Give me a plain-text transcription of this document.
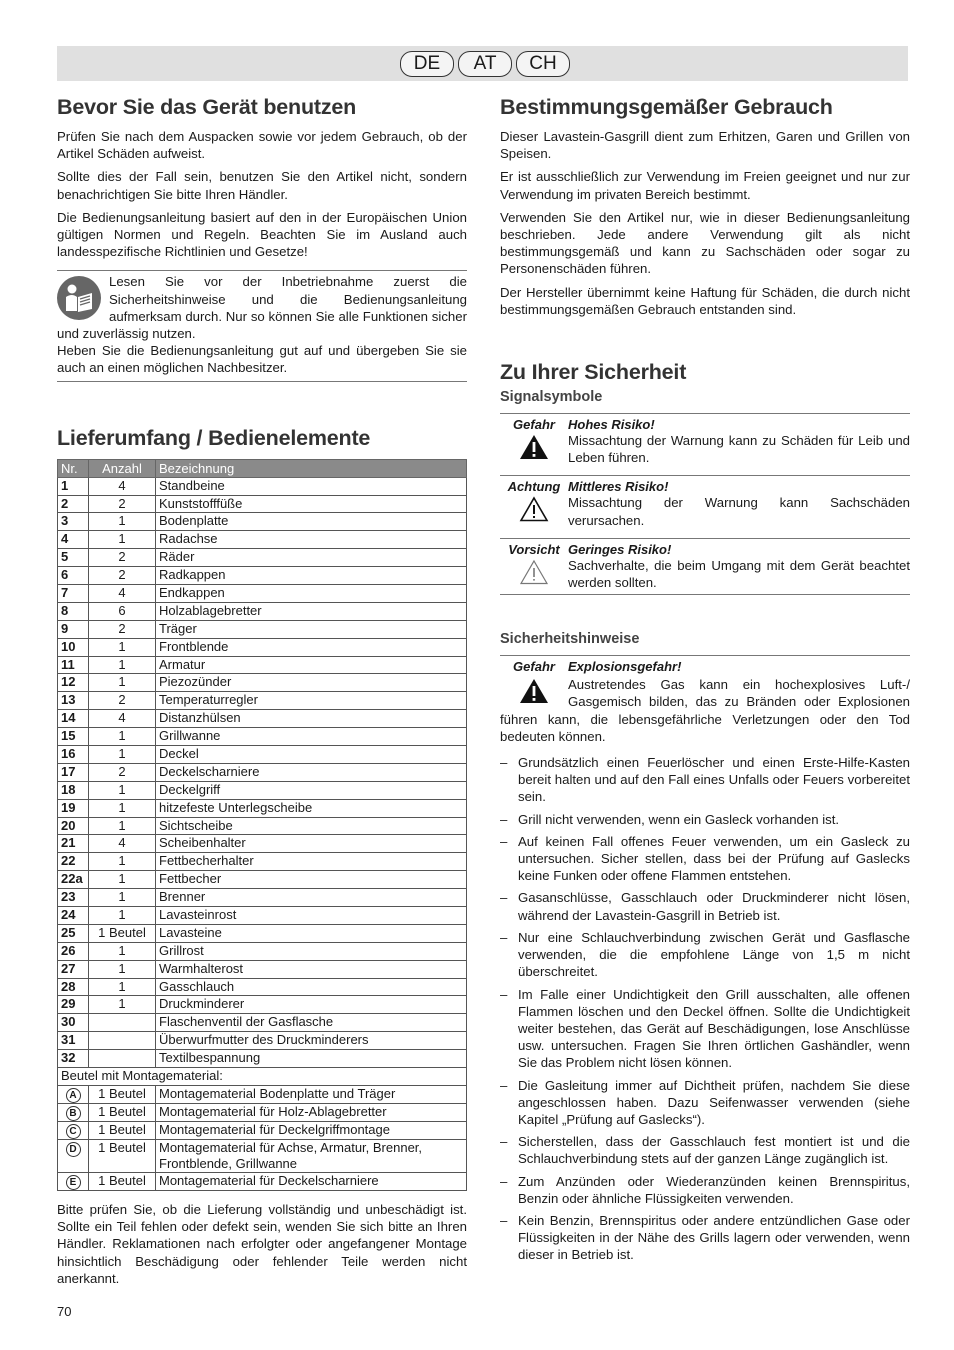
DE	AT	CH
Bevor Sie das Gerät benutzen

Prüfen Sie nach dem Auspacken sowie vor jedem Gebrauch, ob der Artikel Schäden aufweist.

Sollte dies der Fall sein, benutzen Sie den Artikel nicht, sondern benachrichtigen Sie bitte Ihren Händler.

Die Bedienungsanleitung basiert auf den in der Europäischen Union gültigen Normen und Regeln. Beachten Sie im Ausland auch landesspezifische Richtlinien und Gesetze!

Lesen Sie vor der Inbetriebnahme zuerst die Sicherheitshinweise und die Bedienungsanleitung aufmerksam durch. Nur so können Sie alle Funktionen sicher und zuverlässig nutzen.

Heben Sie die Bedienungsanleitung gut auf und übergeben Sie sie auch an einen möglichen Nachbesitzer.

Lieferumfang / Bedienelemente
Nr.	Anzahl	Bezeichnung
1	4	Standbeine
2	2	Kunststofffüße
3	1	Bodenplatte
4	1	Radachse
5	2	Räder
6	2	Radkappen
7	4	Endkappen
8	6	Holzablagebretter
9	2	Träger
10	1	Frontblende
11	1	Armatur
12	1	Piezozünder
13	2	Temperaturregler
14	4	Distanzhülsen
15	1	Grillwanne
16	1	Deckel
17	2	Deckelscharniere
18	1	Deckelgriff
19	1	hitzefeste Unterlegscheibe
20	1	Sichtscheibe
21	4	Scheibenhalter
22	1	Fettbecherhalter
22a	1	Fettbecher
23	1	Brenner
24	1	Lavasteinrost
25	1 Beutel	Lavasteine
26	1	Grillrost
27	1	Warmhalterost
28	1	Gasschlauch
29	1	Druckminderer
30		Flaschenventil der Gasflasche
31		Überwurfmutter des Druckminderers
32		Textilbespannung
Beutel mit Montagematerial:		
A	1 Beutel	Montagematerial Bodenplatte und Träger
B	1 Beutel	Montagematerial für Holz-Ablagebretter
C	1 Beutel	Montagematerial für Deckelgriffmontage
D	1 Beutel	Montagematerial für Achse, Armatur, Brenner, Frontblende, Grillwanne
E	1 Beutel	Montagematerial für Deckelscharniere

Bitte prüfen Sie, ob die Lieferung vollständig und unbeschädigt ist. Sollte ein Teil fehlen oder defekt sein, wenden Sie sich bitte an Ihren Händler. Reklamationen nach erfolgter oder angefangener Montage hinsichtlich Beschädigung oder fehlender Teile werden nicht anerkannt.

Bestimmungsgemäßer Gebrauch

Dieser Lavastein-Gasgrill dient zum Erhitzen, Garen und Grillen von Speisen.

Er ist ausschließlich zur Verwendung im Freien geeignet und nur zur Verwendung im privaten Bereich bestimmt.

Verwenden Sie den Artikel nur, wie in dieser Bedienungsanleitung beschrieben. Jede andere Verwendung gilt als nicht bestimmungsgemäß und kann zu Sachschäden oder sogar zu Personenschäden führen.

Der Hersteller übernimmt keine Haftung für Schäden, die durch nicht bestimmungsgemäßen Gebrauch entstanden sind.

Zu Ihrer Sicherheit
Signalsymbole
Gefahr	Hohes Risiko!
Missachtung der Warnung kann zu Schäden für Leib und Leben führen.
Achtung Mittleres Risiko!
Missachtung der Warnung kann Sachschäden verursachen.
Vorsicht Geringes Risiko!
Sachverhalte, die beim Umgang mit dem Gerät beachtet werden sollten.
Sicherheitshinweise
Gefahr	Explosionsgefahr!

Austretendes Gas kann ein hochexplosives Luft-/ Gasgemisch bilden, das zu Bränden oder Explosionen führen kann, die lebensgefährliche Verletzungen oder den Tod bedeuten können.

– Grundsätzlich einen Feuerlöscher und einen Erste-Hilfe-Kasten bereit halten und auf den Fall eines Unfalls oder Feuers vorbereitet sein.
– Grill nicht verwenden, wenn ein Gasleck vorhanden ist.
– Auf keinen Fall offenes Feuer verwenden, um ein Gasleck zu untersuchen. Sicher stellen, dass bei der Prüfung auf Gaslecks keine Funken oder offene Flammen entstehen.
– Gasanschlüsse, Gasschlauch oder Druckminderer nicht lösen, während der Lavastein-Gasgrill in Betrieb ist.
– Nur eine Schlauchverbindung zwischen Gerät und Gasflasche verwenden, die die empfohlene Länge von 1,5 m nicht überschreitet.
– Im Falle einer Undichtigkeit den Grill ausschalten, alle offenen Flammen löschen und den Deckel öffnen. Sollte die Undichtigkeit weiter bestehen, das Gerät auf Beschädigungen, lose Anschlüsse usw. untersuchen. Fragen Sie Ihren örtlichen Gashändler, wenn Sie das Problem nicht lösen können.
– Die Gasleitung immer auf Dichtheit prüfen, nachdem Sie diese angeschlossen haben. Dazu Seifenwasser verwenden (siehe Kapitel „Prüfung auf Gaslecks“).
– Sicherstellen, dass der Gasschlauch fest montiert ist und die Schlauchverbindung stets auf der ganzen Länge zugänglich ist.
– Zum Anzünden oder Wiederanzünden keinen Brennspiritus, Benzin oder ähnliche Flüssigkeiten verwenden.
– Kein Benzin, Brennspiritus oder andere entzündlichen Gase oder Flüssigkeiten in der Nähe des Grills lagern oder verwenden, wenn dieser in Betrieb ist.
70
